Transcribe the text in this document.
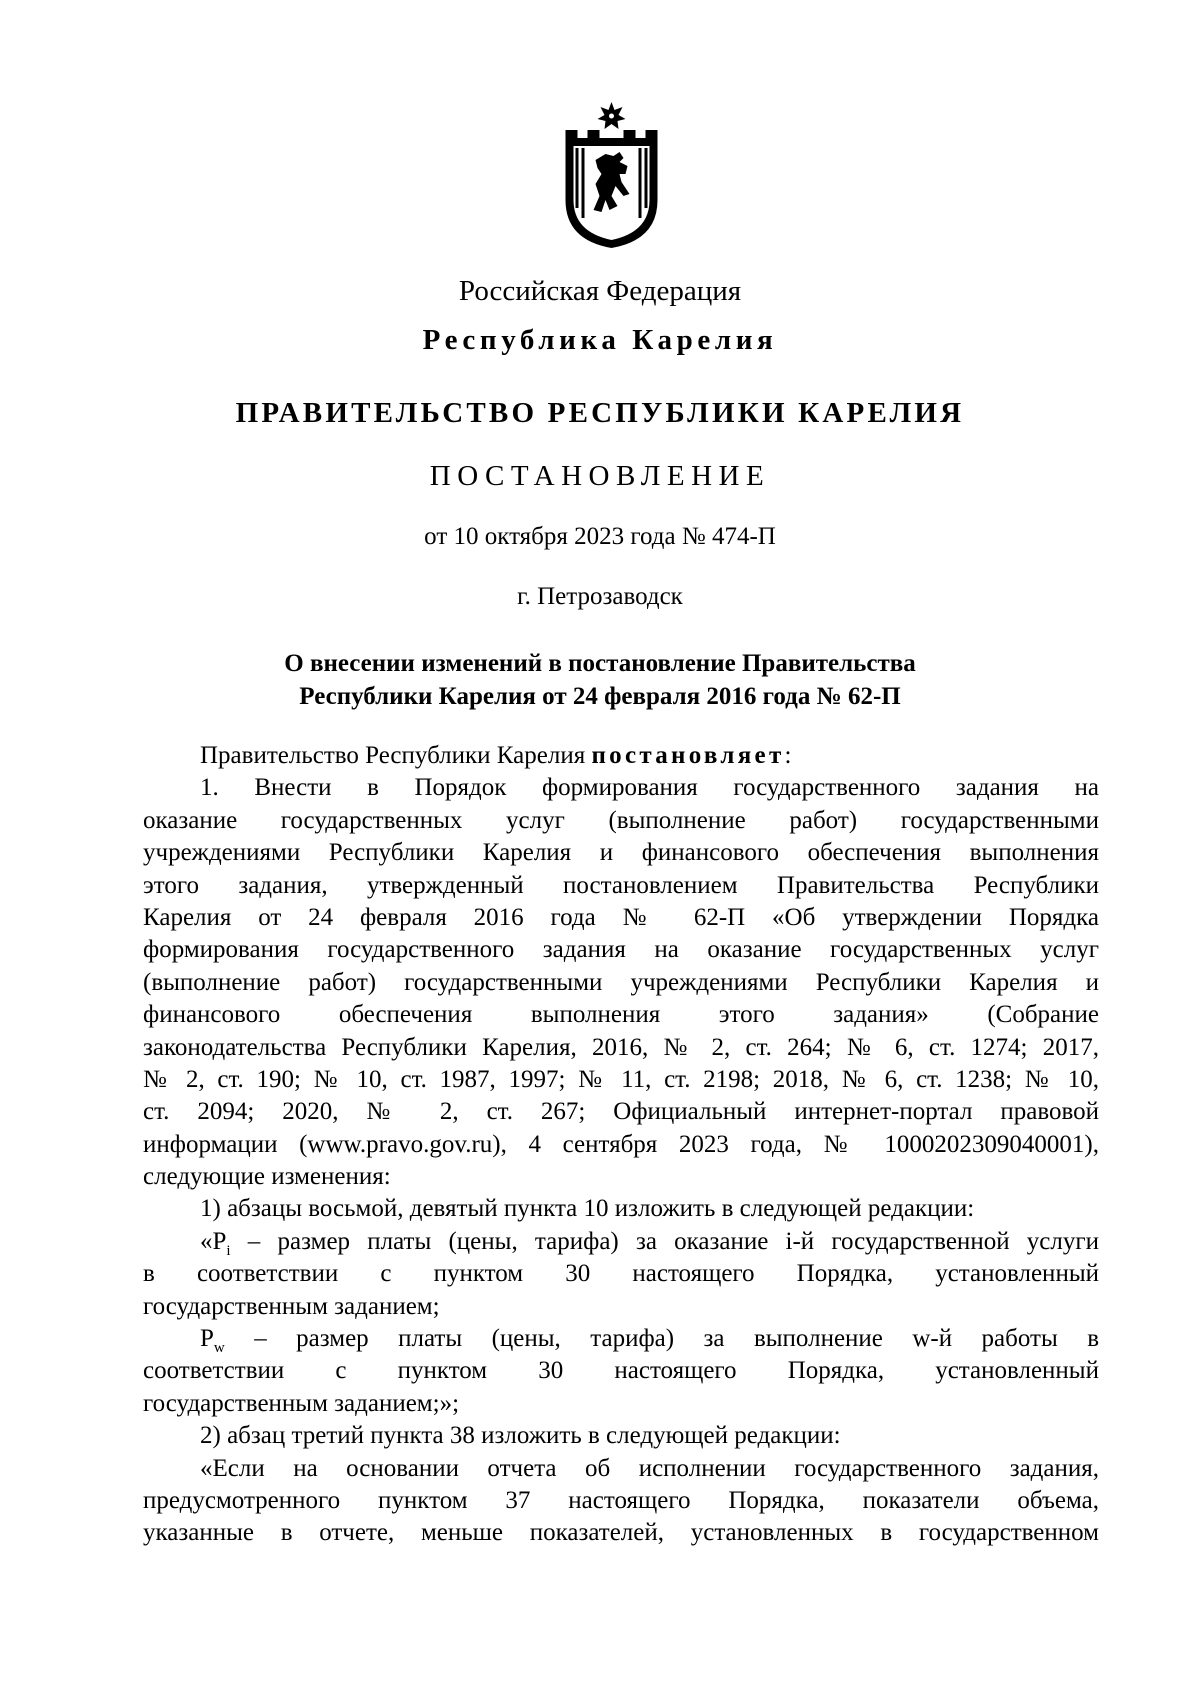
Российская Федерация
Республика Карелия
ПРАВИТЕЛЬСТВО РЕСПУБЛИКИ КАРЕЛИЯ
ПОСТАНОВЛЕНИЕ
от 10 октября 2023 года № 474-П
г. Петрозаводск
О внесении изменений в постановление Правительства
Республики Карелия от 24 февраля 2016 года № 62-П
Правительство Республики Карелия постановляет:
1. Внести в Порядок формирования государственного задания на
оказание государственных услуг (выполнение работ) государственными
учреждениями Республики Карелия и финансового обеспечения выполнения
этого задания, утвержденный постановлением Правительства Республики
Карелия от 24 февраля 2016 года № 62-П «Об утверждении Порядка
формирования государственного задания на оказание государственных услуг
(выполнение работ) государственными учреждениями Республики Карелия и
финансового обеспечения выполнения этого задания» (Собрание
законодательства Республики Карелия, 2016, № 2, ст. 264; № 6, ст. 1274; 2017,
№ 2, ст. 190; № 10, ст. 1987, 1997; № 11, ст. 2198; 2018, № 6, ст. 1238; № 10,
ст. 2094; 2020, № 2, ст. 267; Официальный интернет-портал правовой
информации (www.pravo.gov.ru), 4 сентября 2023 года, № 1000202309040001),
следующие изменения:
1) абзацы восьмой, девятый пункта 10 изложить в следующей редакции:
«$P_i$ – размер платы (цены, тарифа) за оказание i-й государственной услуги
в соответствии с пунктом 30 настоящего Порядка, установленный
государственным заданием;
$P_w$ – размер платы (цены, тарифа) за выполнение w-й работы в
соответствии с пунктом 30 настоящего Порядка, установленный
государственным заданием;»;
2) абзац третий пункта 38 изложить в следующей редакции:
«Если на основании отчета об исполнении государственного задания,
предусмотренного пунктом 37 настоящего Порядка, показатели объема,
указанные в отчете, меньше показателей, установленных в государственном
